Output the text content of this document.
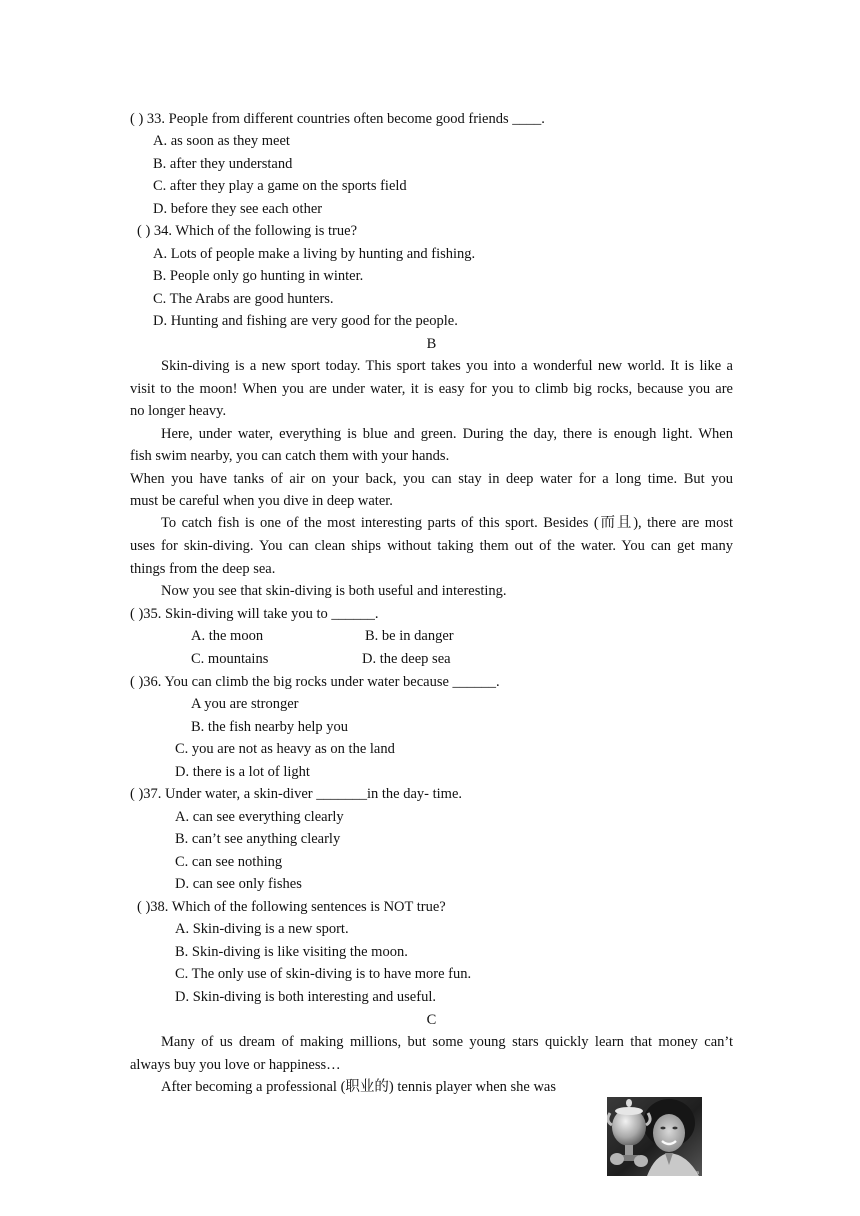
( ) 33. People from different countries often become good friends ____.
A. as soon as they meet
B. after they understand
C. after they play a game on the sports field
D. before they see each other
( ) 34. Which of the following is true?
A. Lots of people make a living by hunting and fishing.
B. People only go hunting in winter.
C. The Arabs are good hunters.
D. Hunting and fishing are very good for the people.
B
Skin-diving is a new sport today. This sport takes you into a wonderful new world. It is like a
visit to the moon! When you are under water, it is easy for you to climb big rocks, because you are
no longer heavy.
Here, under water, everything is blue and green. During the day, there is enough light. When
fish swim nearby, you can catch them with your hands.
When you have tanks of air on your back, you can stay in deep water for a long time. But you
must be careful when you dive in deep water.
To catch fish is one of the most interesting parts of this sport. Besides (而且), there are most
uses for skin-diving. You can clean ships without taking them out of the water. You can get many
things from the deep sea.
Now you see that skin-diving is both useful and interesting.
( )35. Skin-diving will take you to ______.
A. the moon	B. be in danger
C. mountains	D. the deep sea
( )36. You can climb the big rocks under water because ______.
A you are stronger
B. the fish nearby help you
C. you are not as heavy as on the land
D. there is a lot of light
( )37. Under water, a skin-diver _______in the day- time.
A. can see everything clearly
B. can’t see anything clearly
C. can see nothing
D. can see only fishes
( )38. Which of the following sentences is NOT true?
A. Skin-diving is a new sport.
B. Skin-diving is like visiting the moon.
C. The only use of skin-diving is to have more fun.
D. Skin-diving is both interesting and useful.
C
Many of us dream of making millions, but some young stars quickly learn that money can’t
always buy you love or happiness…
After becoming a professional (职业的) tennis player when she was
a
